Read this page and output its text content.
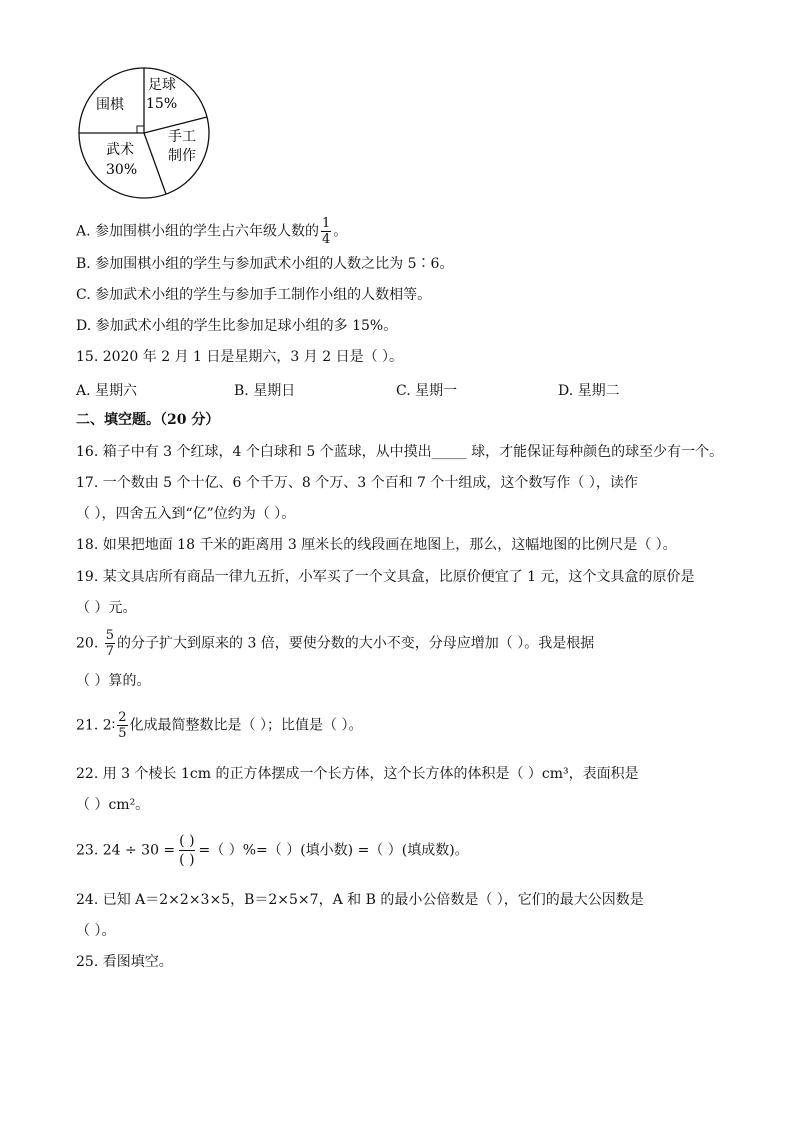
围棋
足球
15%
手工
制作
武术
30%
A. 参加围棋小组的学生占六年级人数的 $\frac{1}{4}$ 。
B. 参加围棋小组的学生与参加武术小组的人数之比为 5∶6。
C. 参加武术小组的学生与参加手工制作小组的人数相等。
D. 参加武术小组的学生比参加足球小组的多 15%。
15. 2020 年 2 月 1 日是星期六，3 月 2 日是（ ）。
A. 星期六	B. 星期日	C. 星期一	D. 星期二
二、填空题。（20 分）
16. 箱子中有 3 个红球，4 个白球和 5 个蓝球，从中摸出_____ 球，才能保证每种颜色的球至少有一个。
17. 一个数由 5 个十亿、6 个千万、8 个万、3 个百和 7 个十组成，这个数写作（ ），读作
（ ），四舍五入到“亿”位约为（ ）。
18. 如果把地面 18 千米的距离用 3 厘米长的线段画在地图上，那么，这幅地图的比例尺是（ ）。
19. 某文具店所有商品一律九五折，小军买了一个文具盒，比原价便宜了 1 元，这个文具盒的原价是
（ ）元。
20. $\frac{5}{7}$ 的分子扩大到原来的 3 倍，要使分数的大小不变，分母应增加（ ）。我是根据
（ ）算的。
21. 2∶ $\frac{2}{5}$ 化成最简整数比是（ ）；比值是（ ）。
22. 用 3 个棱长 1cm 的正方体摆成一个长方体，这个长方体的体积是（ ）cm³，表面积是
（ ）cm²。
23. $24 \div 30 = \frac{( )}{( )}$ =（ ）%=（ ）(填小数) =（ ）(填成数)。
24. 已知 A＝2×2×3×5，B＝2×5×7，A 和 B 的最小公倍数是（ ），它们的最大公因数是
（ ）。
25. 看图填空。
